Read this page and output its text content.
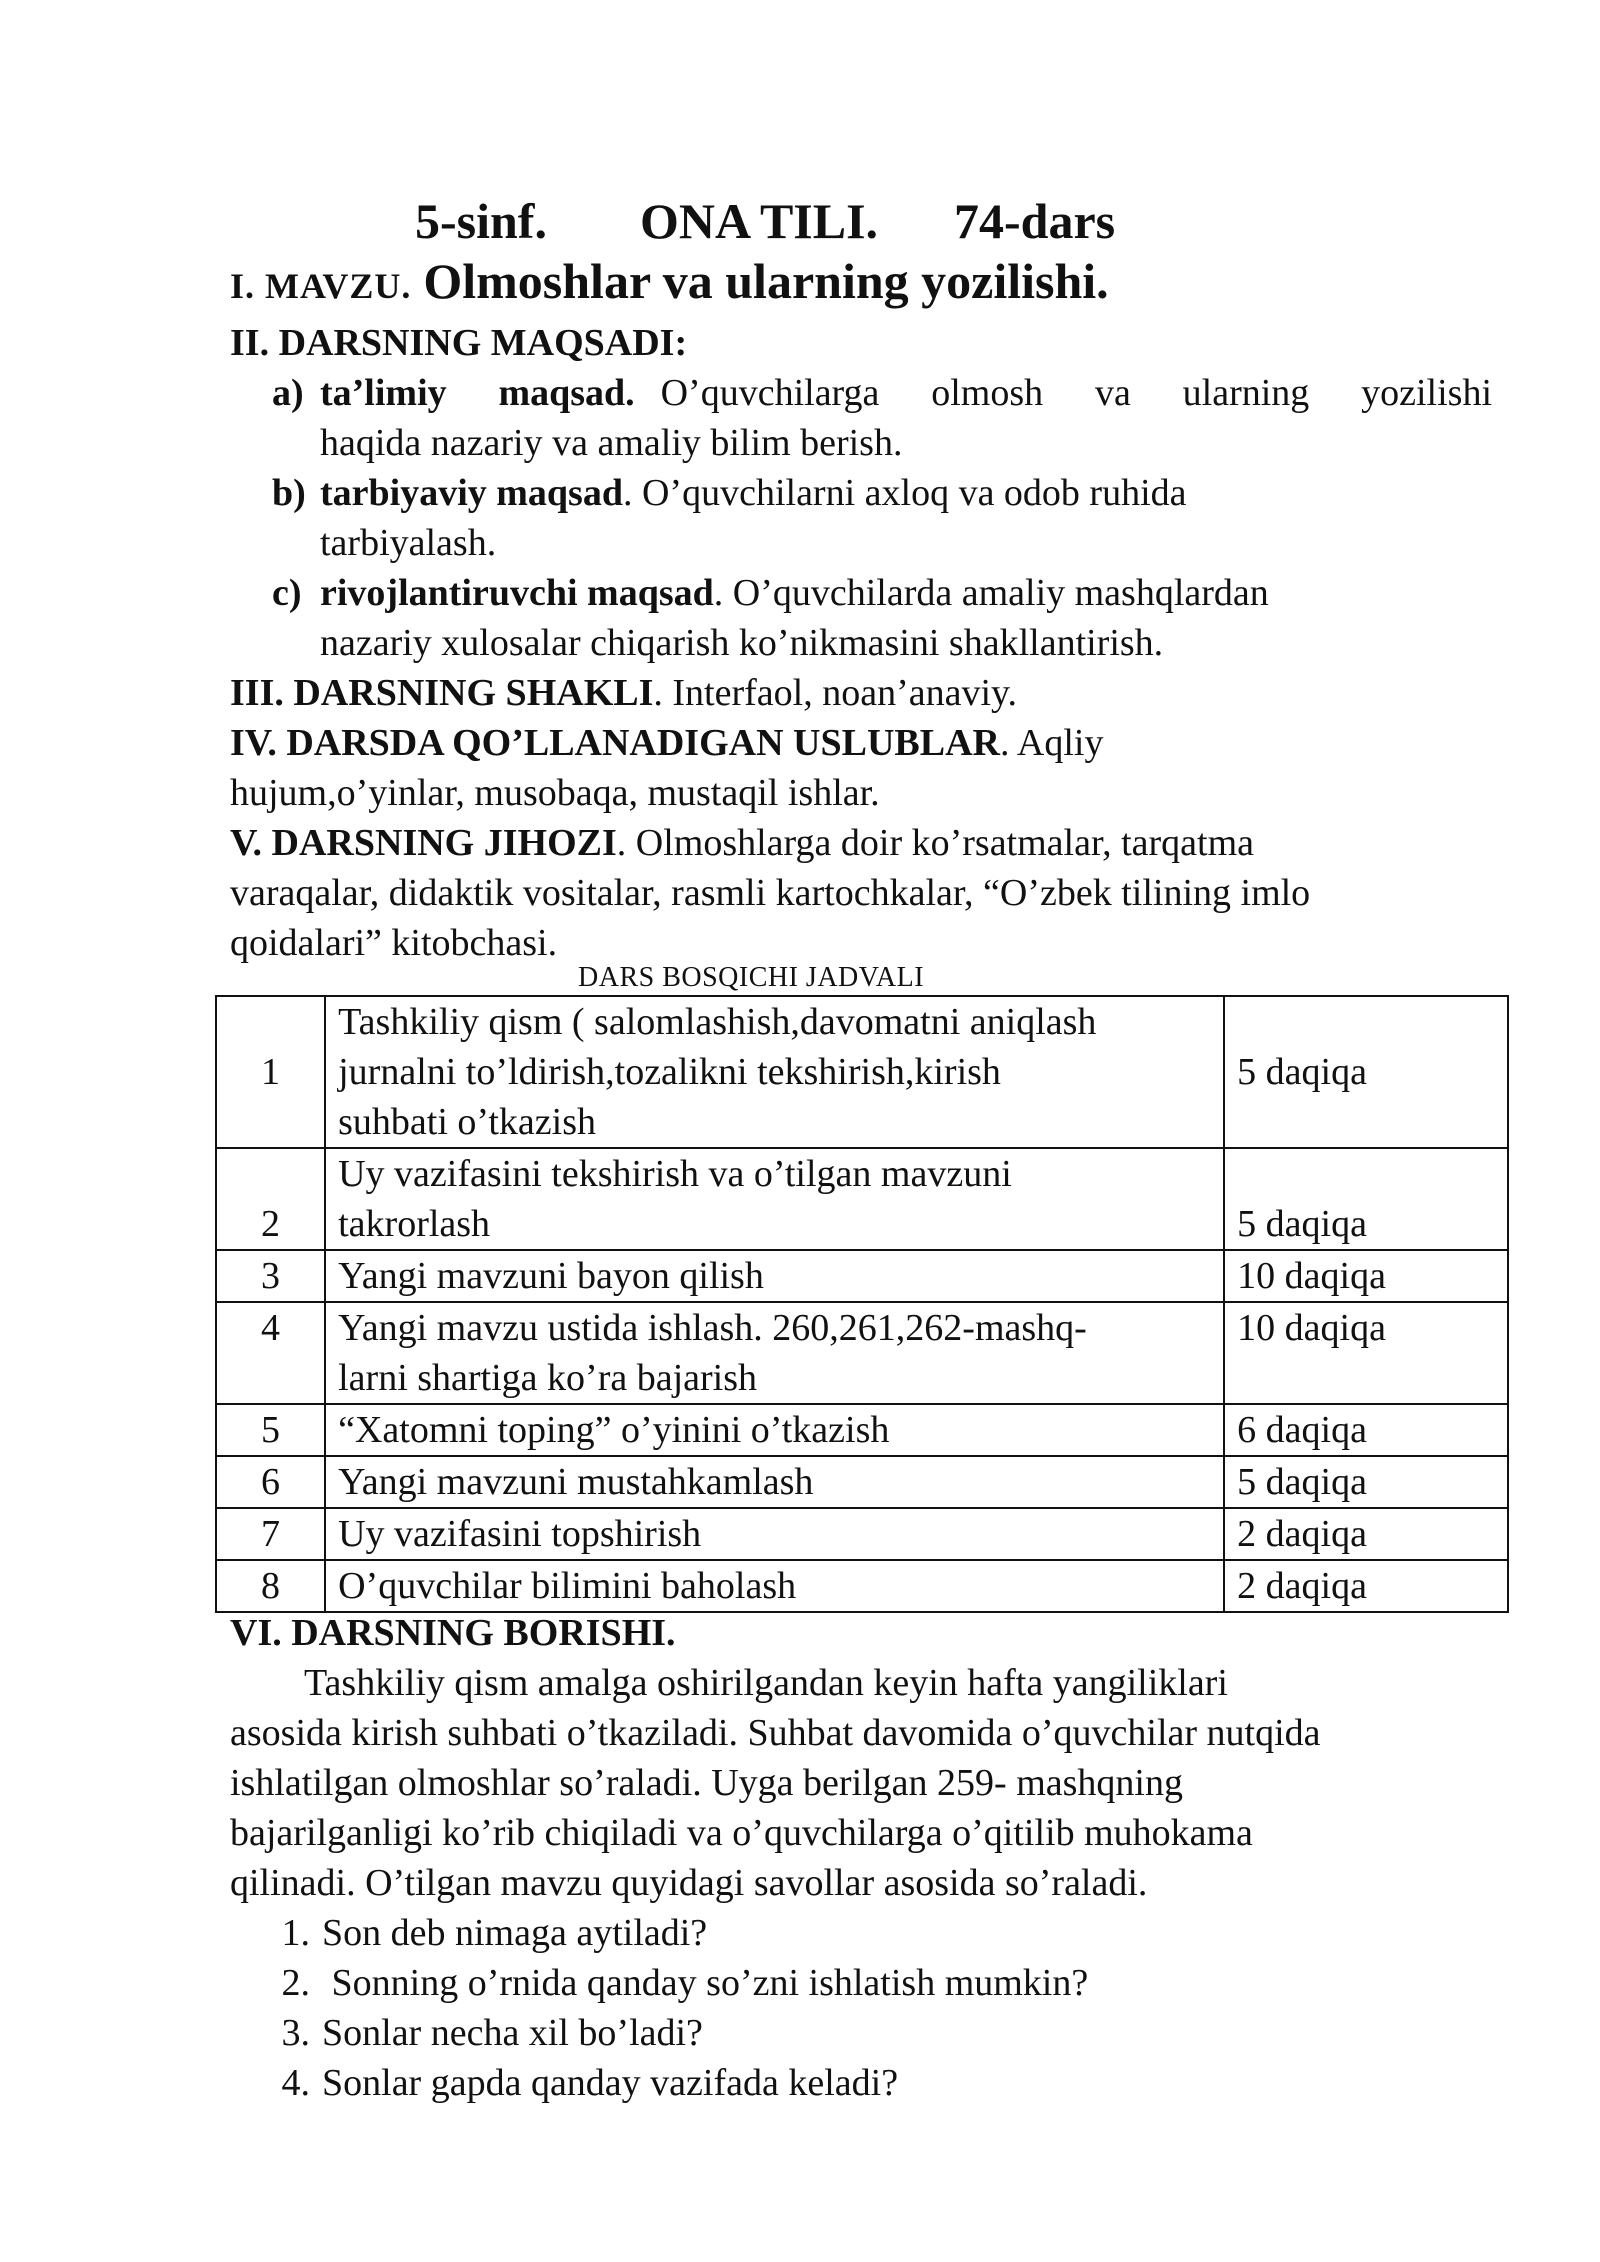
5-sinf. ONA TILI. 74-dars
I. MAVZU. Olmoshlar va ularning yozilishi.
II. DARSNING MAQSADI:
a) ta’limiy  maqsad. O’quvchilarga  olmosh  va  ularning  yozilishi
haqida nazariy va amaliy bilim berish.
b) tarbiyaviy maqsad. O’quvchilarni axloq va odob ruhida
tarbiyalash.
c) rivojlantiruvchi maqsad. O’quvchilarda amaliy mashqlardan
nazariy xulosalar chiqarish ko’nikmasini shakllantirish.
III. DARSNING SHAKLI. Interfaol, noan’anaviy.
IV. DARSDA QO’LLANADIGAN USLUBLAR. Aqliy
hujum,o’yinlar, musobaqa, mustaqil ishlar.
V. DARSNING JIHOZI. Olmoshlarga doir ko’rsatmalar, tarqatma
varaqalar, didaktik vositalar, rasmli kartochkalar, “O’zbek tilining imlo
qoidalari” kitobchasi.
DARS BOSQICHI JADVALI
1	Tashkiliy qism ( salomlashish,davomatni aniqlash
jurnalni to’ldirish,tozalikni tekshirish,kirish
suhbati o’tkazish	5 daqiqa
2	Uy vazifasini tekshirish va o’tilgan mavzuni
takrorlash	5 daqiqa
3	Yangi mavzuni bayon qilish	10 daqiqa
4	Yangi mavzu ustida ishlash. 260,261,262-mashq-
larni shartiga ko’ra bajarish	10 daqiqa
5	“Xatomni toping” o’yinini o’tkazish	6 daqiqa
6	Yangi mavzuni mustahkamlash	5 daqiqa
7	Uy vazifasini topshirish	2 daqiqa
8	O’quvchilar bilimini baholash	2 daqiqa
VI. DARSNING BORISHI.
Tashkiliy qism amalga oshirilgandan keyin hafta yangiliklari
asosida kirish suhbati o’tkaziladi. Suhbat davomida o’quvchilar nutqida
ishlatilgan olmoshlar so’raladi. Uyga berilgan 259- mashqning
bajarilganligi ko’rib chiqiladi va o’quvchilarga o’qitilib muhokama
qilinadi. O’tilgan mavzu quyidagi savollar asosida so’raladi.
1. Son deb nimaga aytiladi?
2. Sonning o’rnida qanday so’zni ishlatish mumkin?
3. Sonlar necha xil bo’ladi?
4. Sonlar gapda qanday vazifada keladi?
